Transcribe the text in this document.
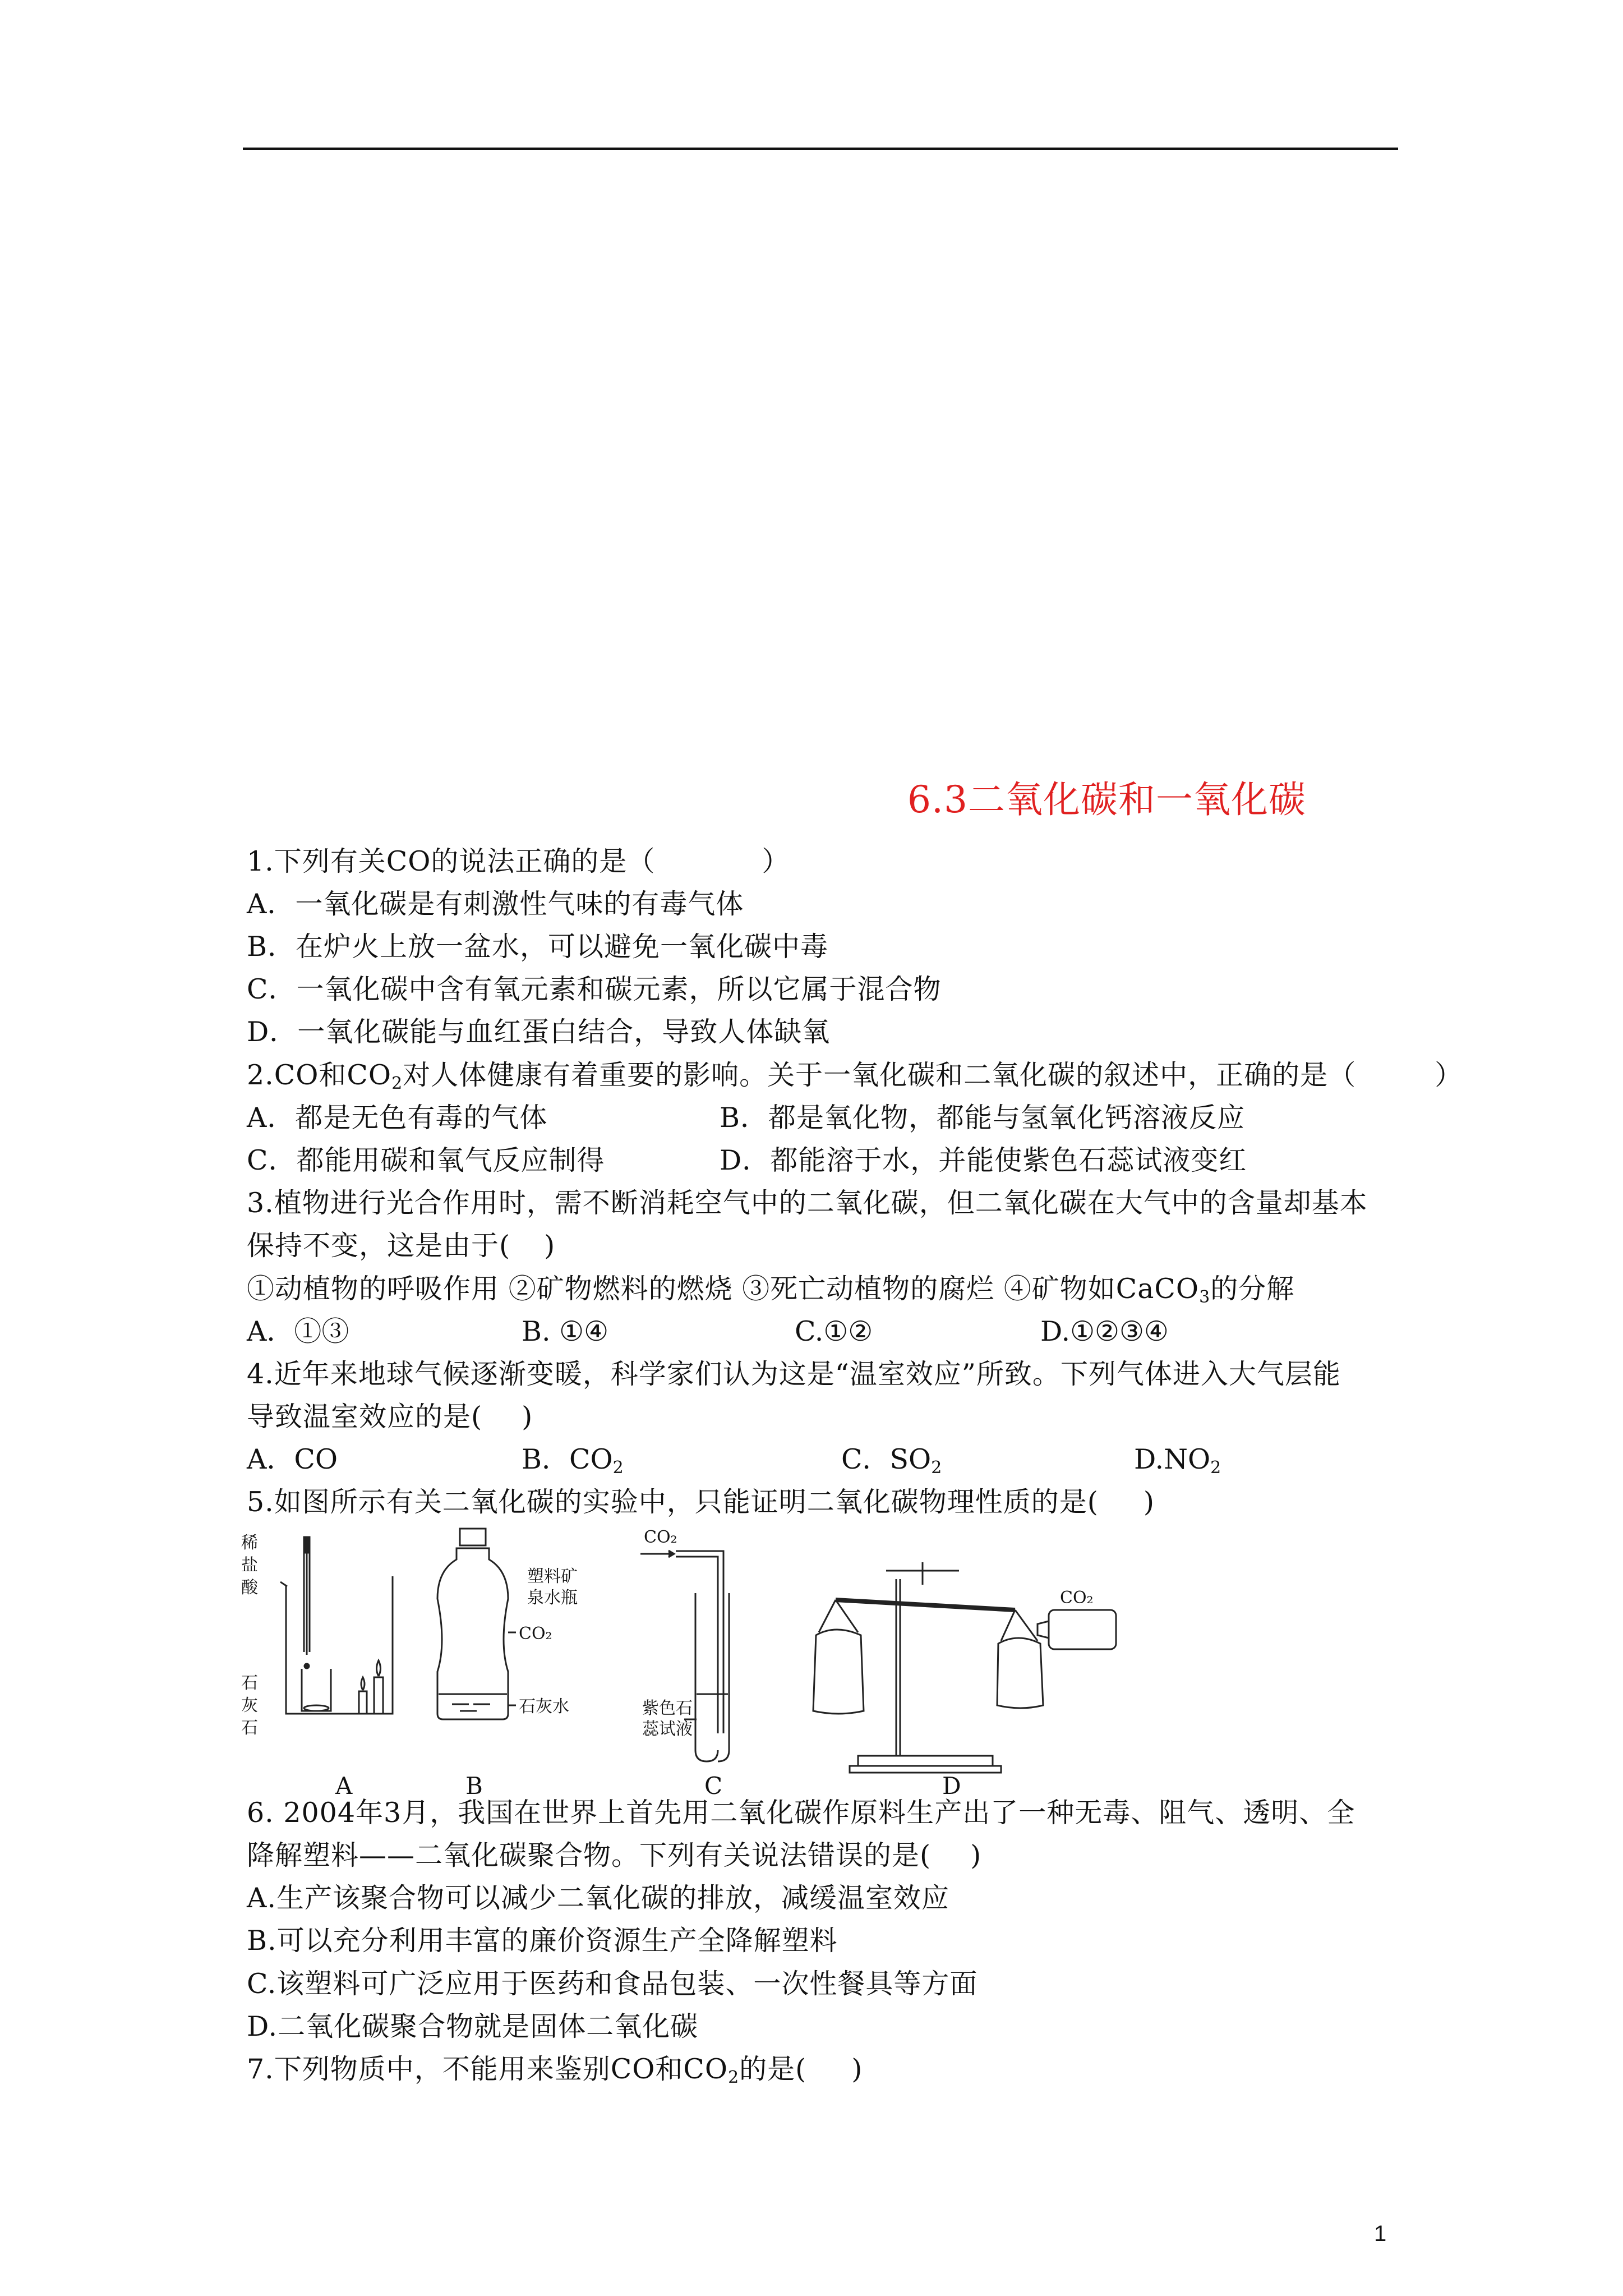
6.3二氧化碳和一氧化碳
1.下列有关CO的说法正确的是（	）
A．一氧化碳是有刺激性气味的有毒气体
B．在炉火上放一盆水，可以避免一氧化碳中毒
C．一氧化碳中含有氧元素和碳元素，所以它属于混合物
D．一氧化碳能与血红蛋白结合，导致人体缺氧
2.CO和$CO_2$对人体健康有着重要的影响。关于一氧化碳和二氧化碳的叙述中，正确的是（	）
A．都是无色有毒的气体	B．都是氧化物，都能与氢氧化钙溶液反应
C．都能用碳和氧气反应制得	D．都能溶于水，并能使紫色石蕊试液变红
3.植物进行光合作用时，需不断消耗空气中的二氧化碳，但二氧化碳在大气中的含量却基本
保持不变，这是由于( )
①动植物的呼吸作用 ②矿物燃料的燃烧 ③死亡动植物的腐烂 ④矿物如CaCO$_3$的分解
A．①③	B. ①④	C.①②	D.①②③④
4.近年来地球气候逐渐变暖，科学家们认为这是“温室效应”所致。下列气体进入大气层能
导致温室效应的是( )
A．CO	B．$CO_2$	C．$SO_2$	$D.NO_2$
5.如图所示有关二氧化碳的实验中，只能证明二氧化碳物理性质的是( )
稀
盐
酸
石
灰
石
塑料矿
泉水瓶
CO₂
石灰水
CO₂
紫色石
蕊试液
CO₂
A	B	C	D
6. 2004年3月，我国在世界上首先用二氧化碳作原料生产出了一种无毒、阻气、透明、全
降解塑料——二氧化碳聚合物。下列有关说法错误的是( )
A.生产该聚合物可以减少二氧化碳的排放，减缓温室效应
B.可以充分利用丰富的廉价资源生产全降解塑料
C.该塑料可广泛应用于医药和食品包装、一次性餐具等方面
D.二氧化碳聚合物就是固体二氧化碳
7.下列物质中，不能用来鉴别CO和$CO_2$的是( )
1
